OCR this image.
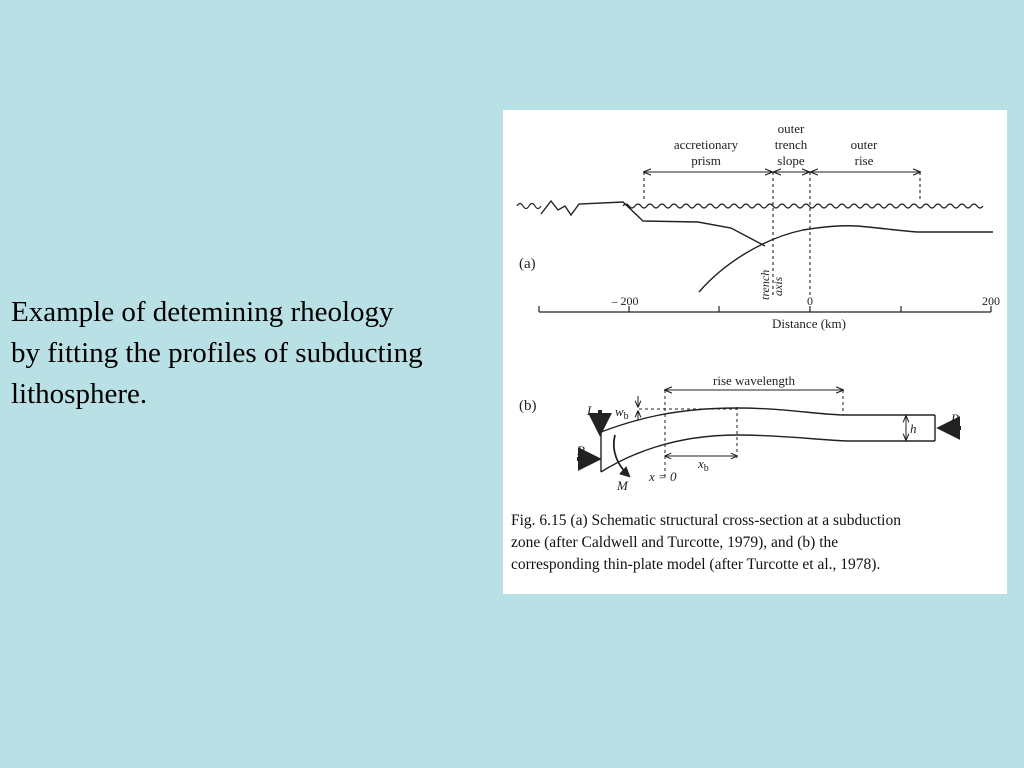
Example of detemining rheology
by fitting the profiles of subducting
lithosphere.
accretionary
prism
outer
trench
slope
outer
rise
trench axis
(a)
– 200	0	200
Distance (km)
(b)
rise wavelength
$w_b$
h
L
P
P
M
$x_b$
x = 0
Fig. 6.15 (a) Schematic structural cross-section at a subduction
zone (after Caldwell and Turcotte, 1979), and (b) the
corresponding thin-plate model (after Turcotte et al., 1978).
